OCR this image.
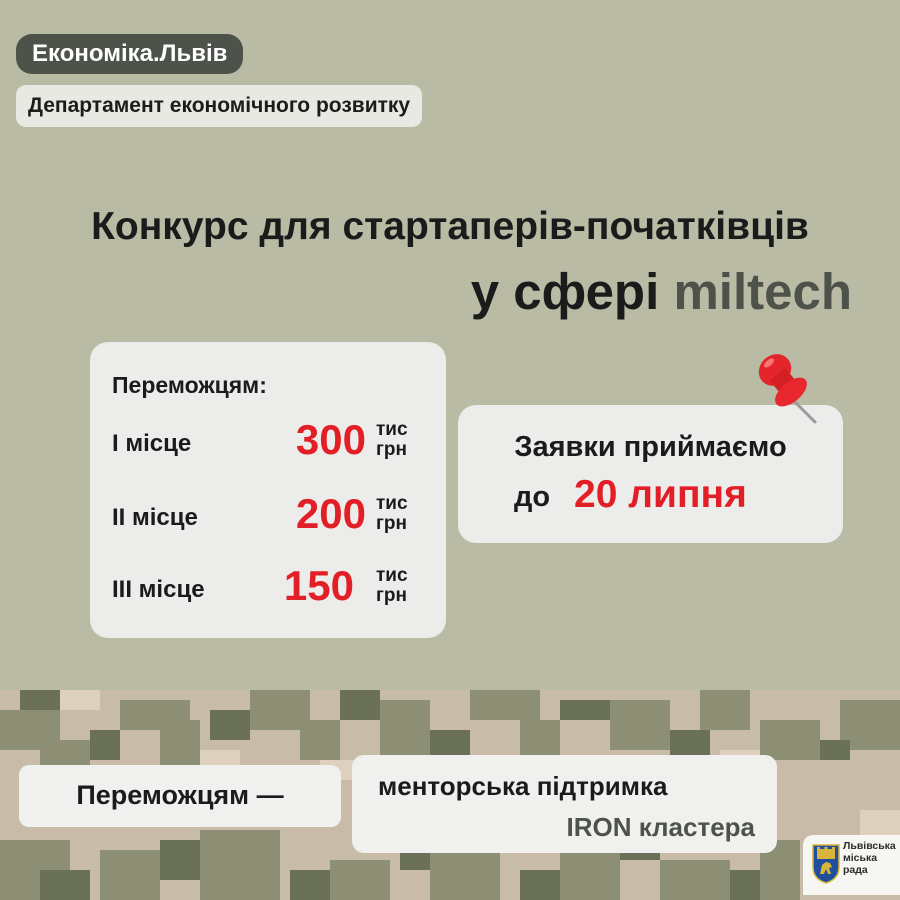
Економіка.Львів
Департамент економічного розвитку
Конкурс для стартаперів-початківців
у сфері miltech
Переможцям:
I місце 300 тис
грн
II місце 200 тис
грн
III місце 150 тис
грн
Заявки приймаємо
до 20 липня
Переможцям —	менторська підтримка
IRON кластера
Львівська
міська
рада
